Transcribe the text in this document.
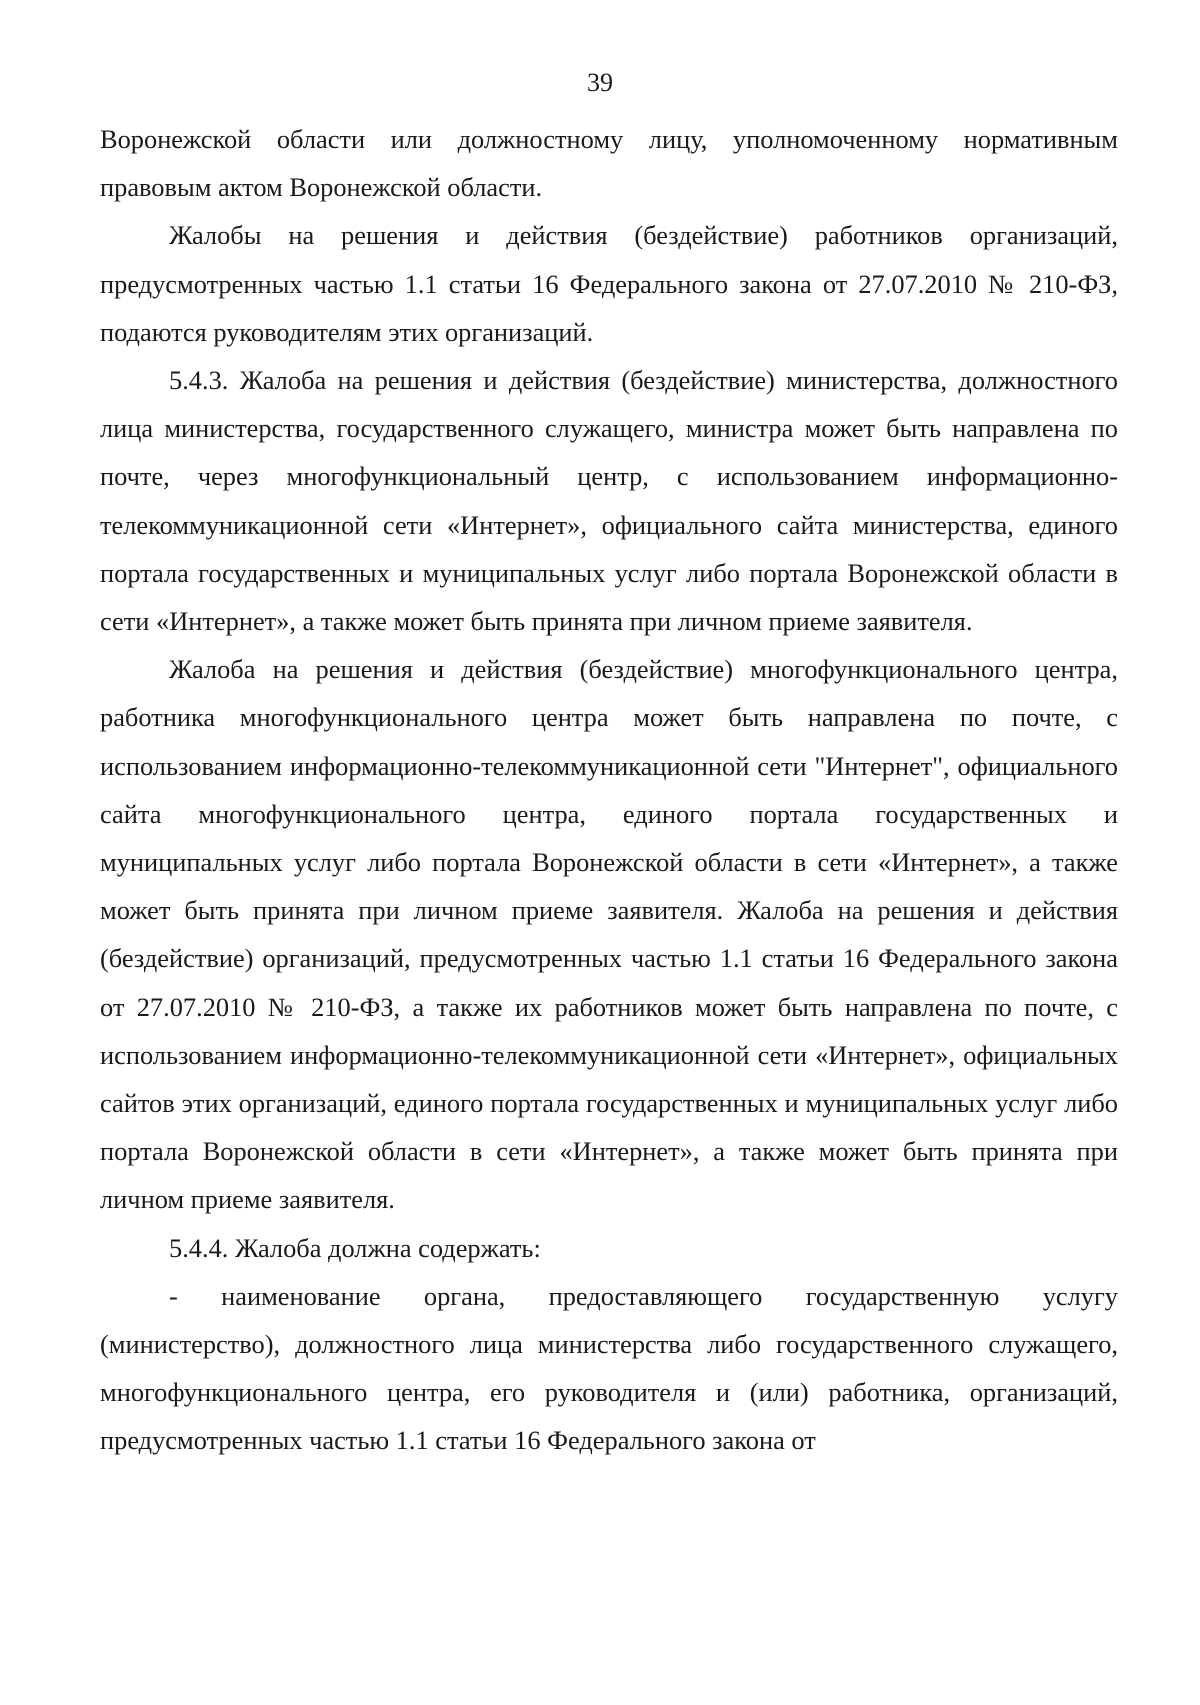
39

Воронежской области или должностному лицу, уполномоченному нормативным правовым актом Воронежской области.

Жалобы на решения и действия (бездействие) работников организаций, предусмотренных частью 1.1 статьи 16 Федерального закона от 27.07.2010 № 210-ФЗ, подаются руководителям этих организаций.

5.4.3. Жалоба на решения и действия (бездействие) министерства, должностного лица министерства, государственного служащего, министра может быть направлена по почте, через многофункциональный центр, с использованием информационно-телекоммуникационной сети «Интернет», официального сайта министерства, единого портала государственных и муниципальных услуг либо портала Воронежской области в сети «Интернет», а также может быть принята при личном приеме заявителя.

Жалоба на решения и действия (бездействие) многофункционального центра, работника многофункционального центра может быть направлена по почте, с использованием информационно-телекоммуникационной сети "Интернет", официального сайта многофункционального центра, единого портала государственных и муниципальных услуг либо портала Воронежской области в сети «Интернет», а также может быть принята при личном приеме заявителя. Жалоба на решения и действия (бездействие) организаций, предусмотренных частью 1.1 статьи 16 Федерального закона от 27.07.2010 № 210-ФЗ, а также их работников может быть направлена по почте, с использованием информационно-телекоммуникационной сети «Интернет», официальных сайтов этих организаций, единого портала государственных и муниципальных услуг либо портала Воронежской области в сети «Интернет», а также может быть принята при личном приеме заявителя.

5.4.4. Жалоба должна содержать:

- наименование органа, предоставляющего государственную услугу (министерство), должностного лица министерства либо государственного служащего, многофункционального центра, его руководителя и (или) работника, организаций, предусмотренных частью 1.1 статьи 16 Федерального закона от
